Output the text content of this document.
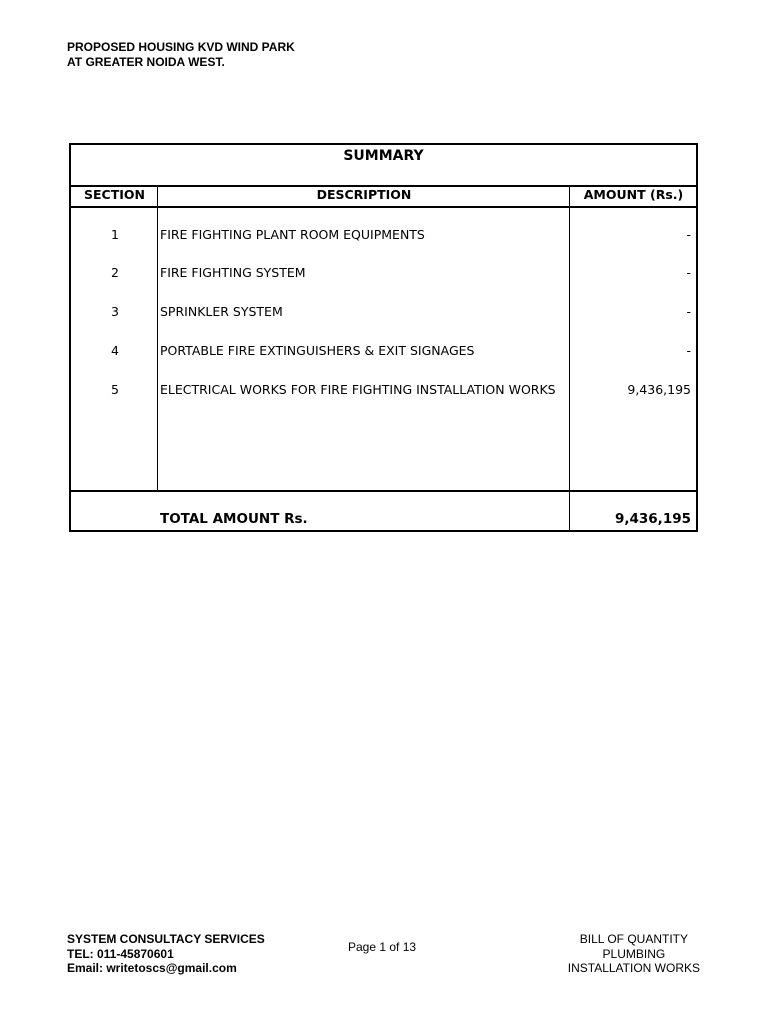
PROPOSED HOUSING KVD WIND PARK
AT GREATER NOIDA WEST.
SUMMARY
SECTION	DESCRIPTION	AMOUNT (Rs.)
1	FIRE FIGHTING PLANT ROOM EQUIPMENTS	-
2	FIRE FIGHTING SYSTEM	-
3	SPRINKLER SYSTEM	-
4	PORTABLE FIRE EXTINGUISHERS & EXIT SIGNAGES	-
5	ELECTRICAL WORKS FOR FIRE FIGHTING INSTALLATION WORKS	9,436,195
TOTAL AMOUNT Rs.	9,436,195
SYSTEM CONSULTACY SERVICES
TEL: 011-45870601
Email: writetoscs@gmail.com
Page 1 of 13
BILL OF QUANTITY
PLUMBING
INSTALLATION WORKS
